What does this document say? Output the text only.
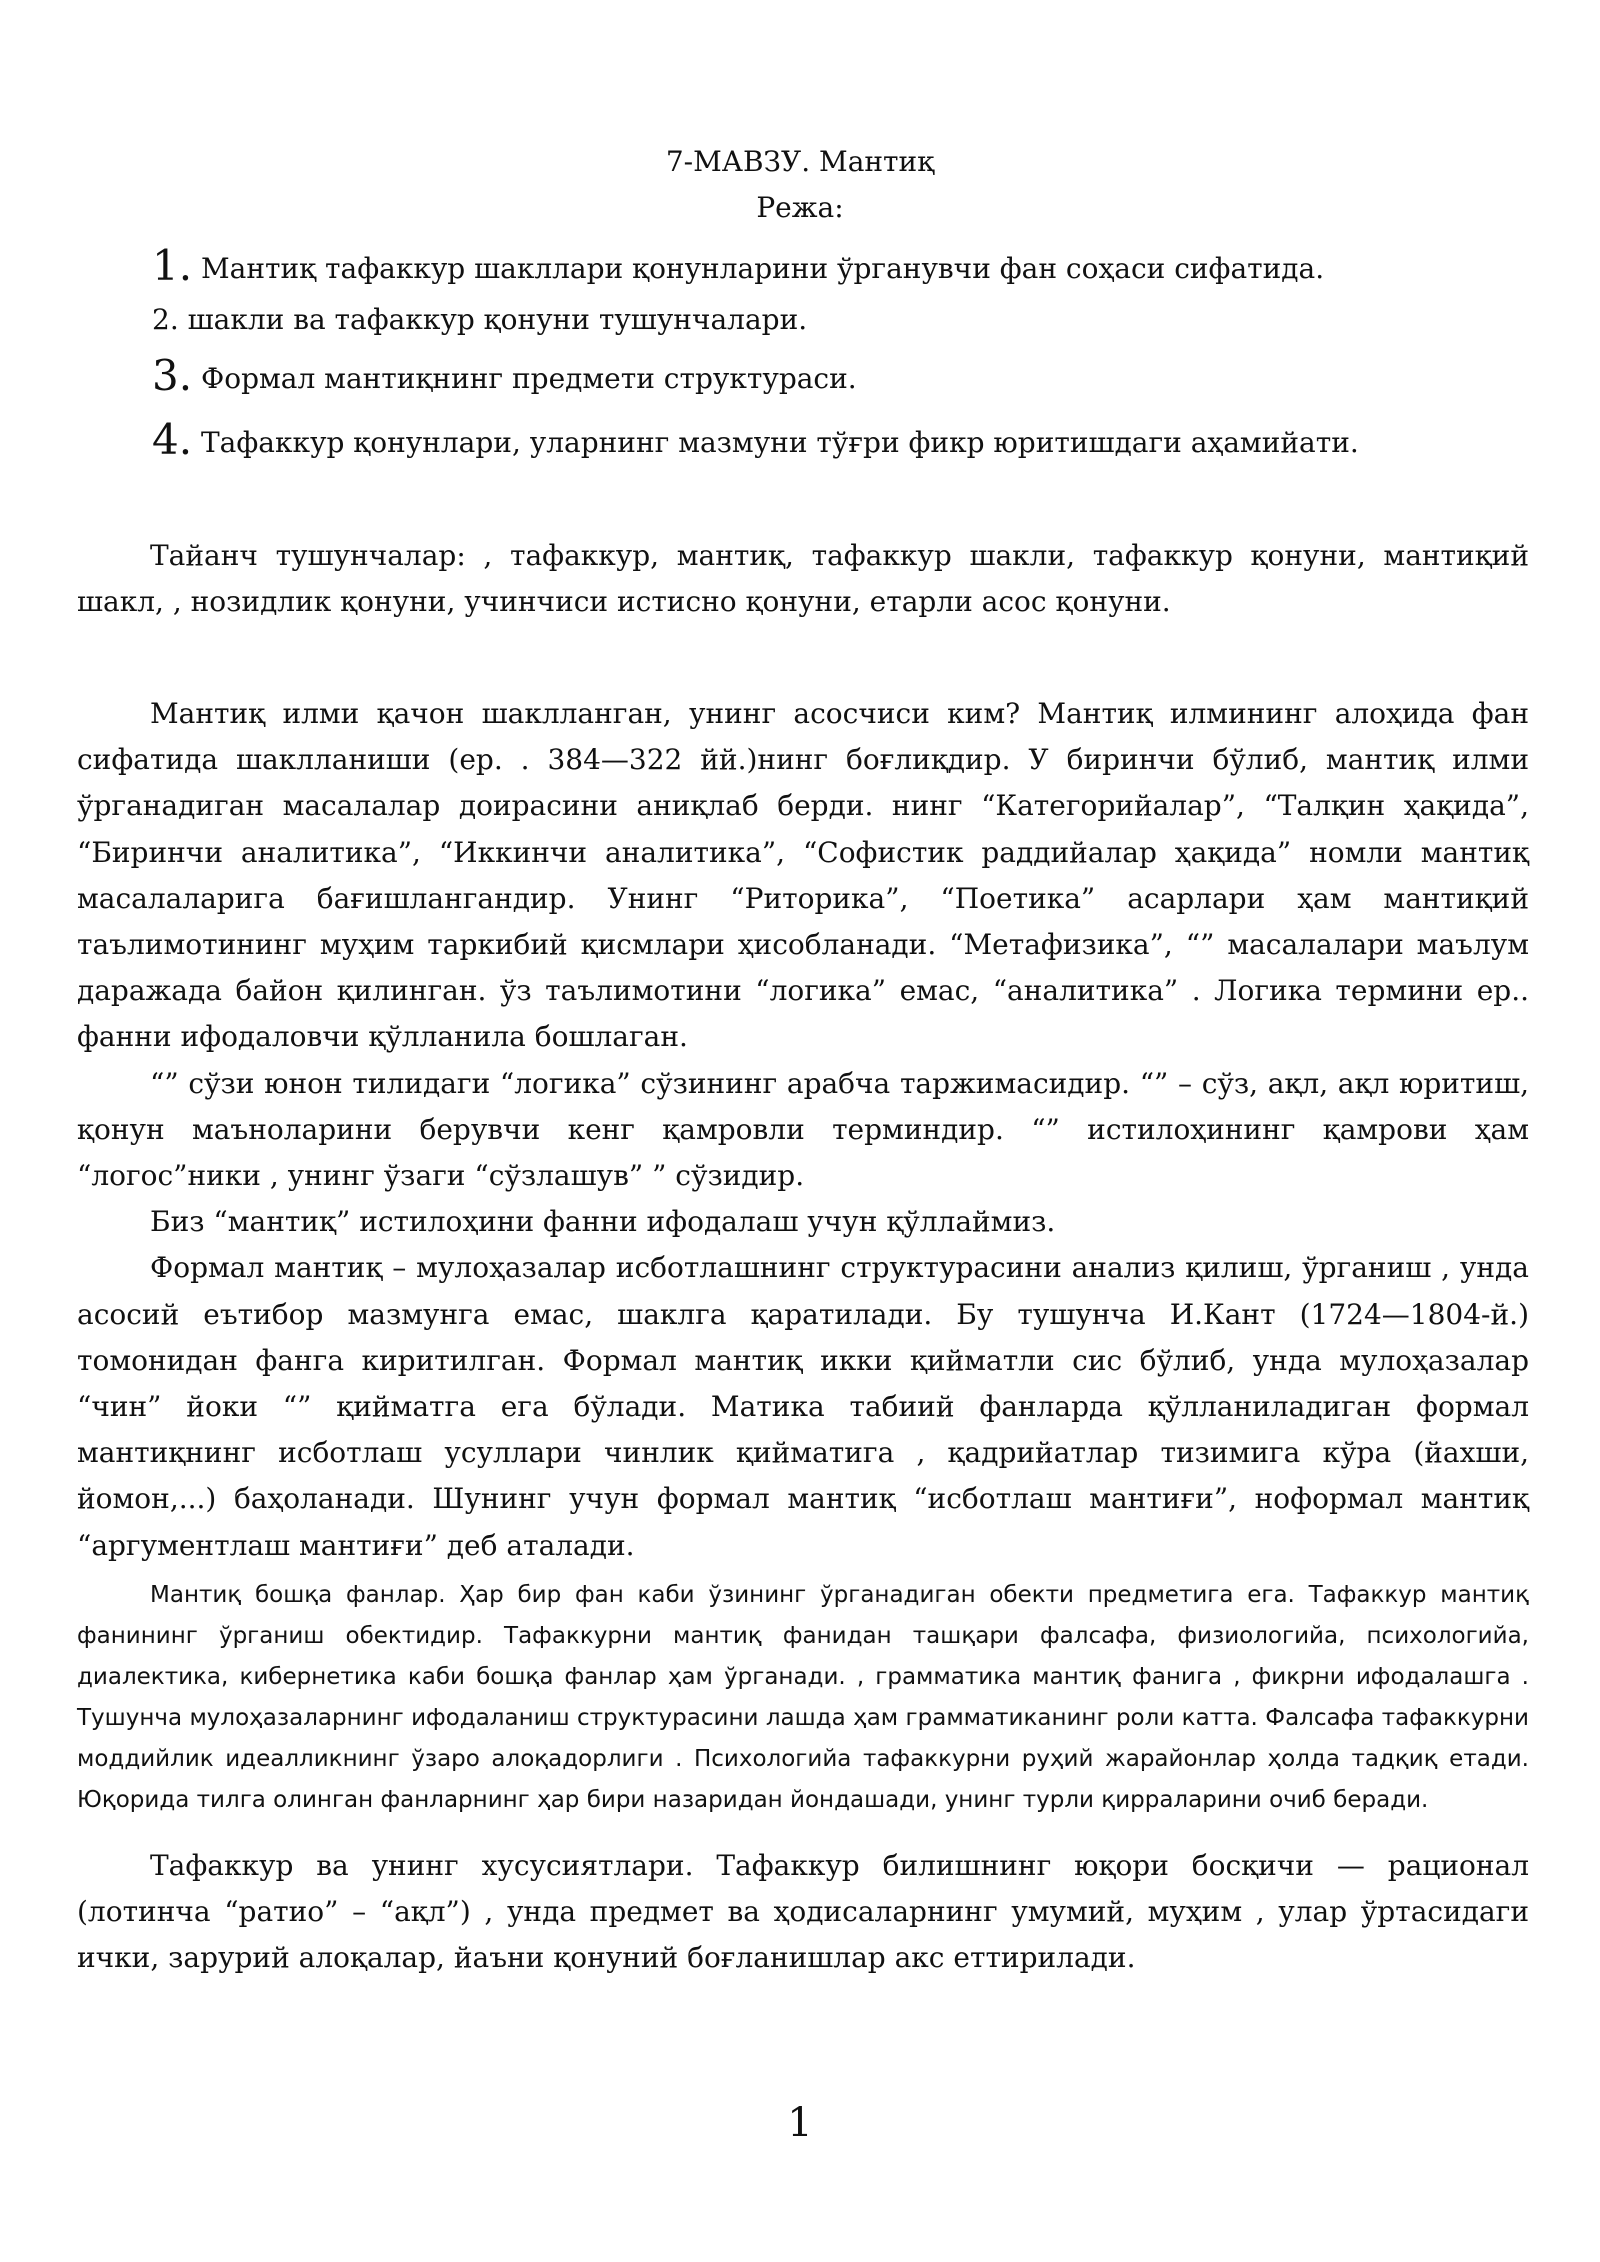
7-МАВЗУ. Мантиқ
Режа:
1. Мантиқ тафаккур шакллари қонунларини ўрганувчи фан соҳаси сифатида.
2. шакли ва тафаккур қонуни тушунчалари.
3. Формал мантиқнинг предмети структураси.
4. Тафаккур қонунлари, уларнинг мазмуни тўғри фикр юритишдаги аҳамийати.
Тайанч тушунчалар: , тафаккур, мантиқ, тафаккур шакли, тафаккур қонуни, мантиқий шакл, , нозидлик қонуни, учинчиси истисно қонуни, етарли асос қонуни.
Мантиқ илми қачон шаклланган, унинг асосчиси ким? Мантиқ илмининг алоҳида фан сифатида шаклланиши (ер. . 384—322 йй.)нинг боғлиқдир. У биринчи бўлиб, мантиқ илми ўрганадиган масалалар доирасини аниқлаб берди. нинг “Категорийалар”, “Талқин ҳақида”, “Биринчи аналитика”, “Иккинчи аналитика”, “Софистик раддийалар ҳақида” номли мантиқ масалаларига бағишлангандир. Унинг “Риторика”, “Поетика” асарлари ҳам мантиқий таълимотининг муҳим таркибий қисмлари ҳисобланади. “Метафизика”, “” масалалари маълум даражада байон қилинган. ўз таълимотини “логика” емас, “аналитика” . Логика термини ер.. фанни ифодаловчи қўлланила бошлаган.
“” сўзи юнон тилидаги “логика” сўзининг арабча таржимасидир. “” – сўз, ақл, ақл юритиш, қонун маъноларини берувчи кенг қамровли терминдир. “” истилоҳининг қамрови ҳам “логос”ники , унинг ўзаги “сўзлашув” ” сўзидир.
Биз “мантиқ” истилоҳини фанни ифодалаш учун қўллаймиз.
Формал мантиқ – мулоҳазалар исботлашнинг структурасини анализ қилиш, ўрганиш , унда асосий еътибор мазмунга емас, шаклга қаратилади. Бу тушунча И.Кант (1724—1804-й.) томонидан фанга киритилган. Формал мантиқ икки қийматли сис бўлиб, унда мулоҳазалар “чин” йоки “” қийматга ега бўлади. Матика табиий фанларда қўлланиладиган формал мантиқнинг исботлаш усуллари чинлик қийматига , қадрийатлар тизимига кўра (йахши, йомон,...) баҳоланади. Шунинг учун формал мантиқ “исботлаш мантиғи”, ноформал мантиқ “аргументлаш мантиғи” деб аталади.
Мантиқ бошқа фанлар. Ҳар бир фан каби ўзининг ўрганадиган обекти предметига ега. Тафаккур мантиқ фанининг ўрганиш обектидир. Тафаккурни мантиқ фанидан ташқари фалсафа, физиологийа, психологийа, диалектика, кибернетика каби бошқа фанлар ҳам ўрганади. , грамматика мантиқ фанига , фикрни ифодалашга . Тушунча мулоҳазаларнинг ифодаланиш структурасини лашда ҳам грамматиканинг роли катта. Фалсафа тафаккурни моддийлик идеалликнинг ўзаро алоқадорлиги . Психологийа тафаккурни руҳий жарайонлар ҳолда тадқиқ етади. Юқорида тилга олинган фанларнинг ҳар бири назаридан йондашади, унинг турли қирраларини очиб беради.
Тафаккур ва унинг хусусиятлари. Тафаккур билишнинг юқори босқичи — рационал (лотинча “ратио” – “ақл”) , унда предмет ва ҳодисаларнинг умумий, муҳим , улар ўртасидаги ички, зарурий алоқалар, йаъни қонуний боғланишлар акс еттирилади.
1
